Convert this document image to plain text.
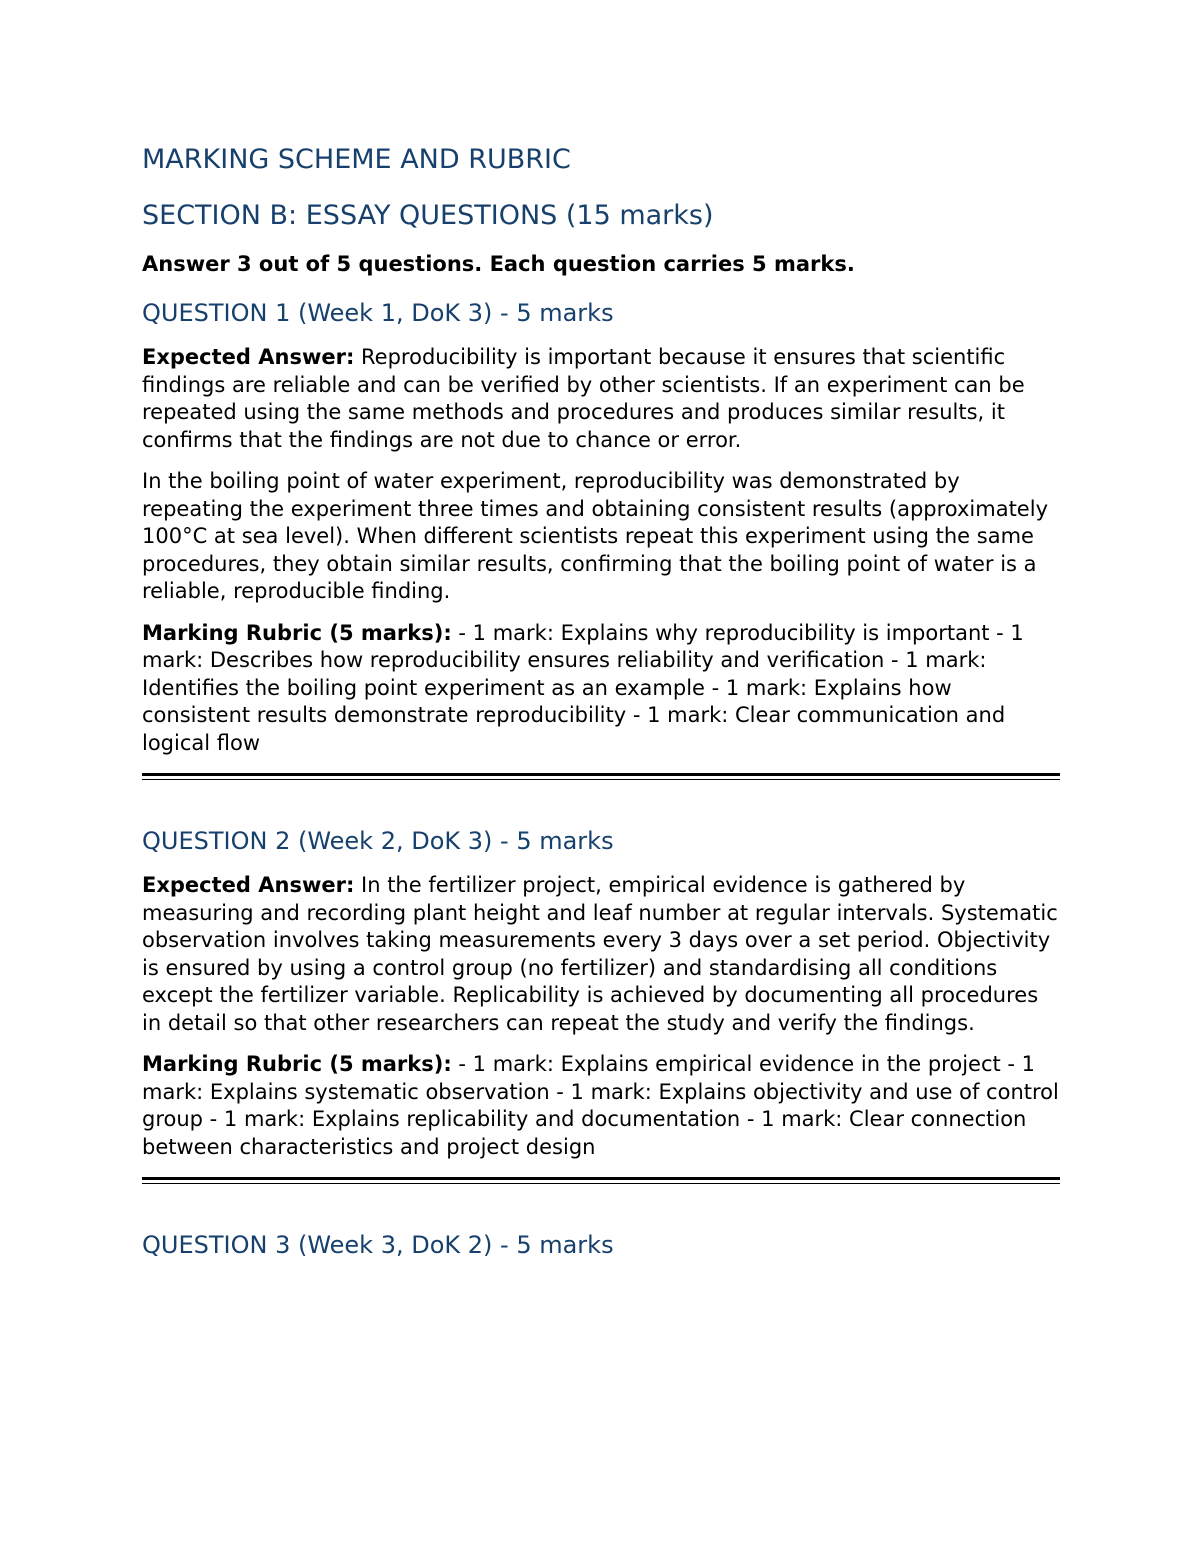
MARKING SCHEME AND RUBRIC
SECTION B: ESSAY QUESTIONS (15 marks)

Answer 3 out of 5 questions. Each question carries 5 marks.

QUESTION 1 (Week 1, DoK 3) - 5 marks

Expected Answer: Reproducibility is important because it ensures that scientific findings are reliable and can be verified by other scientists. If an experiment can be repeated using the same methods and procedures and produces similar results, it confirms that the findings are not due to chance or error.

In the boiling point of water experiment, reproducibility was demonstrated by repeating the experiment three times and obtaining consistent results (approximately 100°C at sea level). When different scientists repeat this experiment using the same procedures, they obtain similar results, confirming that the boiling point of water is a reliable, reproducible finding.

Marking Rubric (5 marks): - 1 mark: Explains why reproducibility is important - 1 mark: Describes how reproducibility ensures reliability and verification - 1 mark: Identifies the boiling point experiment as an example - 1 mark: Explains how consistent results demonstrate reproducibility - 1 mark: Clear communication and logical flow

QUESTION 2 (Week 2, DoK 3) - 5 marks

Expected Answer: In the fertilizer project, empirical evidence is gathered by measuring and recording plant height and leaf number at regular intervals. Systematic observation involves taking measurements every 3 days over a set period. Objectivity is ensured by using a control group (no fertilizer) and standardising all conditions except the fertilizer variable. Replicability is achieved by documenting all procedures in detail so that other researchers can repeat the study and verify the findings.

Marking Rubric (5 marks): - 1 mark: Explains empirical evidence in the project - 1 mark: Explains systematic observation - 1 mark: Explains objectivity and use of control group - 1 mark: Explains replicability and documentation - 1 mark: Clear connection between characteristics and project design

QUESTION 3 (Week 3, DoK 2) - 5 marks
